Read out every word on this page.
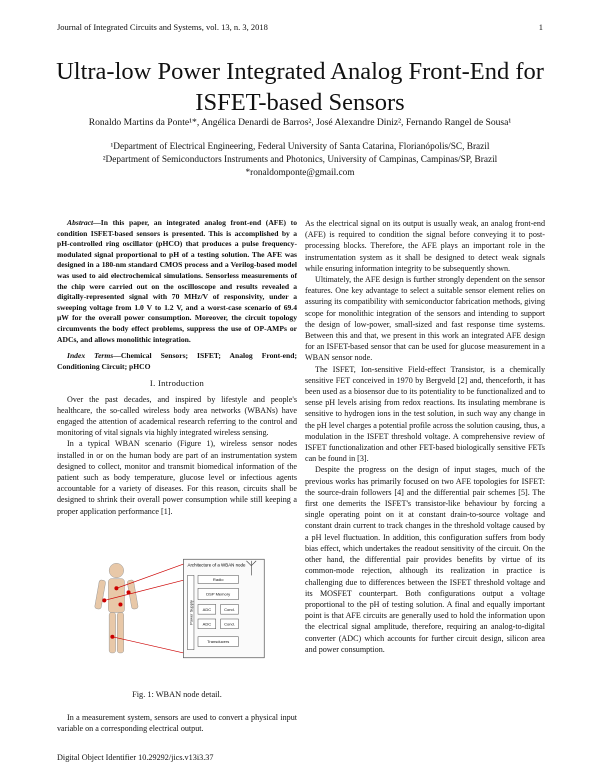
Journal of Integrated Circuits and Systems, vol. 13, n. 3, 2018	1
Ultra-low Power Integrated Analog Front-End for
ISFET-based Sensors
Ronaldo Martins da Ponte¹*, Angélica Denardi de Barros², José Alexandre Diniz², Fernando Rangel de Sousa¹
¹Department of Electrical Engineering, Federal University of Santa Catarina, Florianópolis/SC, Brazil
²Department of Semiconductors Instruments and Photonics, University of Campinas, Campinas/SP, Brazil
*ronaldomponte@gmail.com

Abstract—In this paper, an integrated analog front-end (AFE) to condition ISFET-based sensors is presented. This is accomplished by a pH-controlled ring oscillator (pHCO) that produces a pulse frequency-modulated signal proportional to pH of a testing solution. The AFE was designed in a 180-nm standard CMOS process and a Verilog-based model was used to aid electrochemical simulations. Sensorless measurements of the chip were carried out on the oscilloscope and results revealed a digitally-represented signal with 70 MHz/V of responsivity, under a sweeping voltage from 1.0 V to 1.2 V, and a worst-case scenario of 69.4 μW for the overall power consumption. Moreover, the circuit topology circumvents the body effect problems, suppress the use of OP-AMPs or ADCs, and allows monolithic integration.

Index Terms—Chemical Sensors; ISFET; Analog Front-end; Conditioning Circuit; pHCO

I. Introduction

Over the past decades, and inspired by lifestyle and people's healthcare, the so-called wireless body area networks (WBANs) have engaged the attention of academical research referring to the control and monitoring of vital signals via highly integrated wireless sensing.

In a typical WBAN scenario (Figure 1), wireless sensor nodes installed in or on the human body are part of an instrumentation system designed to collect, monitor and transmit biomedical information of the patient such as body temperature, glucose level or infectious agents accountable for a variety of diseases. For this reason, circuits shall be designed to shrink their overall power consumption while still keeping a proper application performance [1].

Architecture of a WBAN node
Radio
DSP Memory
ADC	Cond.
ADC	Cond.
Transducers
Power Supply
Fig. 1: WBAN node detail.

In a measurement system, sensors are used to convert a physical input variable on a corresponding electrical output.

As the electrical signal on its output is usually weak, an analog front-end (AFE) is required to condition the signal before conveying it to post-processing blocks. Therefore, the AFE plays an important role in the instrumentation system as it shall be designed to detect weak signals while ensuring information integrity to be subsequently shown.

Ultimately, the AFE design is further strongly dependent on the sensor features. One key advantage to select a suitable sensor element relies on assuring its compatibility with semiconductor fabrication methods, giving scope for monolithic integration of the sensors and intending to support the design of low-power, small-sized and fast response time systems. Between this and that, we present in this work an integrated AFE design for an ISFET-based sensor that can be used for glucose measurement in a WBAN sensor node.

The ISFET, Ion-sensitive Field-effect Transistor, is a chemically sensitive FET conceived in 1970 by Bergveld [2] and, thenceforth, it has been used as a biosensor due to its potentiality to be functionalized and to sense pH levels arising from redox reactions. Its insulating membrane is sensitive to hydrogen ions in the test solution, in such way any change in the pH level charges a potential profile across the solution causing, thus, a modulation in the ISFET threshold voltage. A comprehensive review of ISFET functionalization and other FET-based biologically sensitive FETs can be found in [3].

Despite the progress on the design of input stages, much of the previous works has primarily focused on two AFE topologies for ISFET: the source-drain followers [4] and the differential pair schemes [5]. The first one demerits the ISFET's transistor-like behaviour by forcing a single operating point on it at constant drain-to-source voltage and constant drain current to track changes in the threshold voltage caused by a pH level fluctuation. In addition, this configuration suffers from body bias effect, which undertakes the readout sensitivity of the circuit. On the other hand, the differential pair provides benefits by virtue of its common-mode rejection, although its realization in practice is challenging due to differences between the ISFET threshold voltage and its MOSFET counterpart. Both configurations output a voltage proportional to the pH of testing solution. A final and equally important point is that AFE circuits are generally used to hold the information upon the electrical signal amplitude, therefore, requiring an analog-to-digital converter (ADC) which accounts for further circuit design, silicon area and power consumption.

Digital Object Identifier 10.29292/jics.v13i3.37
